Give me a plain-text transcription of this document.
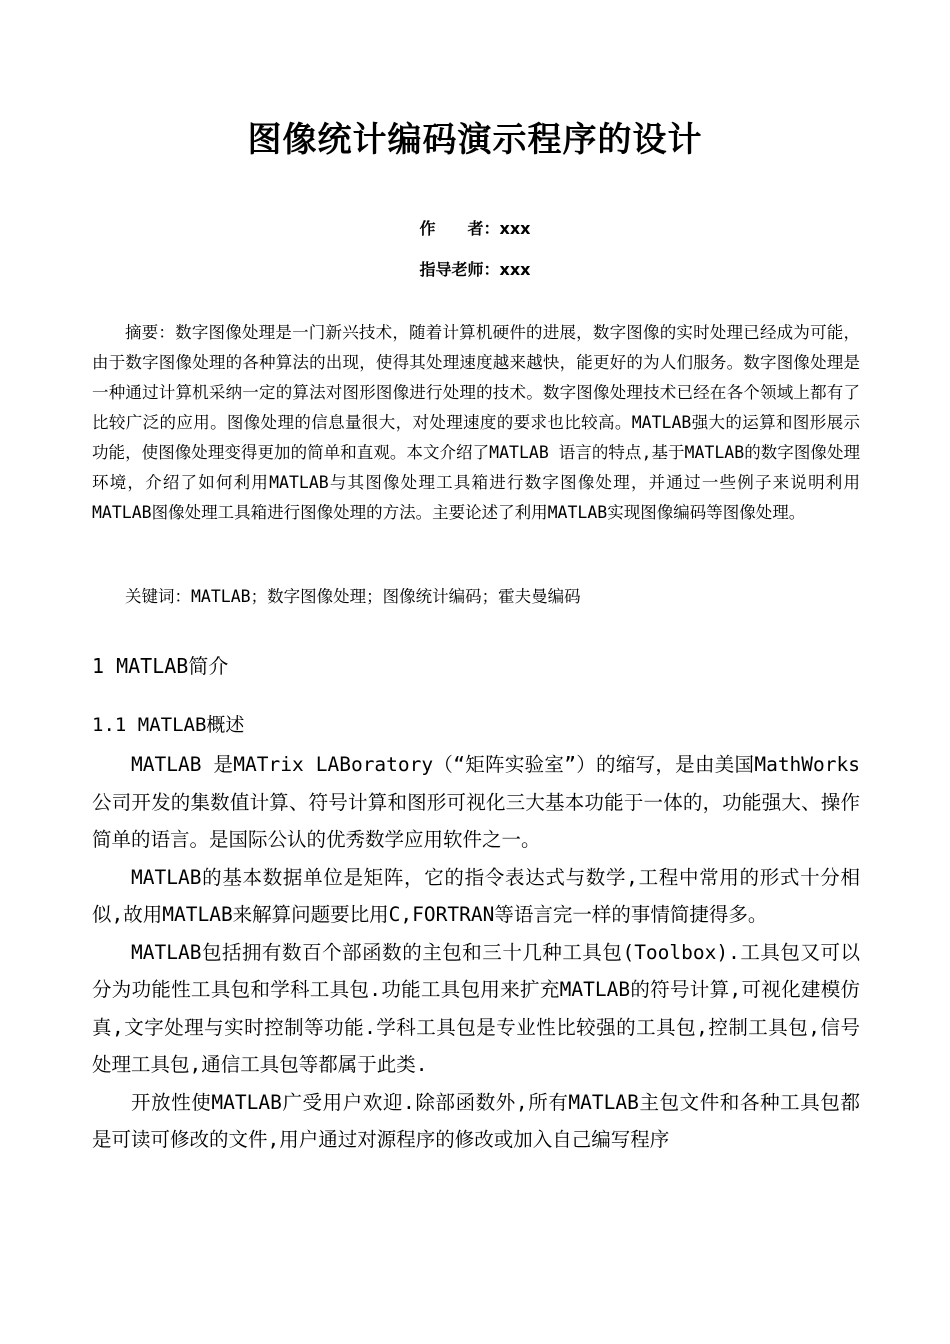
图像统计编码演示程序的设计
作　　者：xxx
指导老师：xxx

摘要：数字图像处理是一门新兴技术，随着计算机硬件的进展，数字图像的实时处理已经成为可能，由于数字图像处理的各种算法的出现，使得其处理速度越来越快，能更好的为人们服务。数字图像处理是一种通过计算机采纳一定的算法对图形图像进行处理的技术。数字图像处理技术已经在各个领域上都有了比较广泛的应用。图像处理的信息量很大，对处理速度的要求也比较高。MATLAB强大的运算和图形展示功能，使图像处理变得更加的简单和直观。本文介绍了MATLAB 语言的特点,基于MATLAB的数字图像处理环境，介绍了如何利用MATLAB与其图像处理工具箱进行数字图像处理，并通过一些例子来说明利用 MATLAB图像处理工具箱进行图像处理的方法。主要论述了利用MATLAB实现图像编码等图像处理。

关键词：MATLAB；数字图像处理；图像统计编码；霍夫曼编码
1 MATLAB简介
1.1 MATLAB概述

MATLAB 是MATrix LABoratory（“矩阵实验室”）的缩写，是由美国MathWorks 公司开发的集数值计算、符号计算和图形可视化三大基本功能于一体的，功能强大、操作简单的语言。是国际公认的优秀数学应用软件之一。

MATLAB的基本数据单位是矩阵，它的指令表达式与数学,工程中常用的形式十分相似,故用MATLAB来解算问题要比用C,FORTRAN等语言完一样的事情简捷得多。

MATLAB包括拥有数百个部函数的主包和三十几种工具包(Toolbox).工具包又可以分为功能性工具包和学科工具包.功能工具包用来扩充MATLAB的符号计算,可视化建模仿真,文字处理与实时控制等功能.学科工具包是专业性比较强的工具包,控制工具包,信号处理工具包,通信工具包等都属于此类.

开放性使MATLAB广受用户欢迎.除部函数外,所有MATLAB主包文件和各种工具包都是可读可修改的文件,用户通过对源程序的修改或加入自己编写程序
